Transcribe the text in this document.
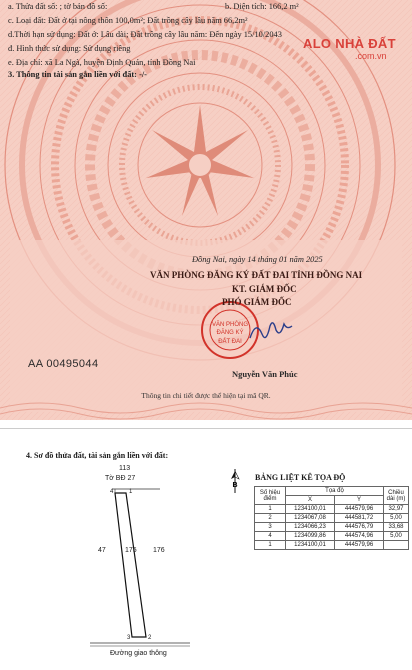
VĂN PHÒNG
ĐĂNG KÝ
ĐẤT ĐAI
a. Thửa đất số: ; tờ bản đồ số:	b. Diện tích: 166,2 m²
c. Loại đất: Đất ở tại nông thôn 100,0m²; Đất trồng cây lâu năm 66,2m²
d.Thời hạn sử dụng: Đất ở: Lâu dài; Đất trồng cây lâu năm: Đến ngày 15/10/2043
đ. Hình thức sử dụng: Sử dụng riêng
e. Địa chỉ: xã La Ngà, huyện Định Quán, tỉnh Đồng Nai
3. Thông tin tài sản gắn liền với đất: -/-
ALO NHÀ ĐẤT
.com.vn
Đồng Nai, ngày 14 tháng 01 năm 2025
VĂN PHÒNG ĐĂNG KÝ ĐẤT ĐAI TỈNH ĐỒNG NAI
KT. GIÁM ĐỐC
PHÓ GIÁM ĐỐC
AA 00495044
Nguyễn Văn Phúc
Thông tin chi tiết được thể hiện tại mã QR.
4. Sơ đồ thửa đất, tài sản gắn liền với đất:
113
Tờ BĐ 27
47	175 176
4	1
3	2
Đường giao thông
B
BẢNG LIỆT KÊ TỌA ĐỘ
Số hiệu điểm	Tọa độ		Chiều dài (m)
	X	Y	
1	1234100,01	444579,96	32,97
2	1234067,08	444581,72	5,00
3	1234066,23	444576,79	33,68
4	1234099,86	444574,96	5,00
1	1234100,01	444579,96	
